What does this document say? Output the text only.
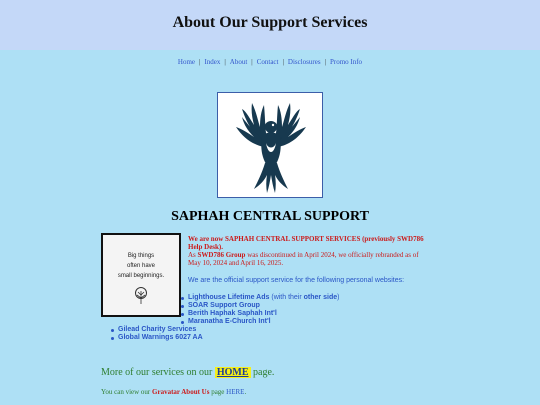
About Our Support Services
Home | Index | About | Contact | Disclosures | Promo Info
SAPHAH CENTRAL SUPPORT
Big things
often have
small beginnings.
We are now SAPHAH CENTRAL SUPPORT SERVICES (previously SWD786 Help Desk).
As SWD786 Group was discontinued in April 2024, we officially rebranded as of May 10, 2024 and April 16, 2025.
We are the official support service for the following personal websites:
Lighthouse Lifetime Ads (with their other side)
SOAR Support Group
Berith Haphak Saphah Int'l
Maranatha E-Church Int'l
Gilead Charity Services
Global Warnings 6027 AA
More of our services on our HOME page.
You can view our Gravatar About Us page HERE.
